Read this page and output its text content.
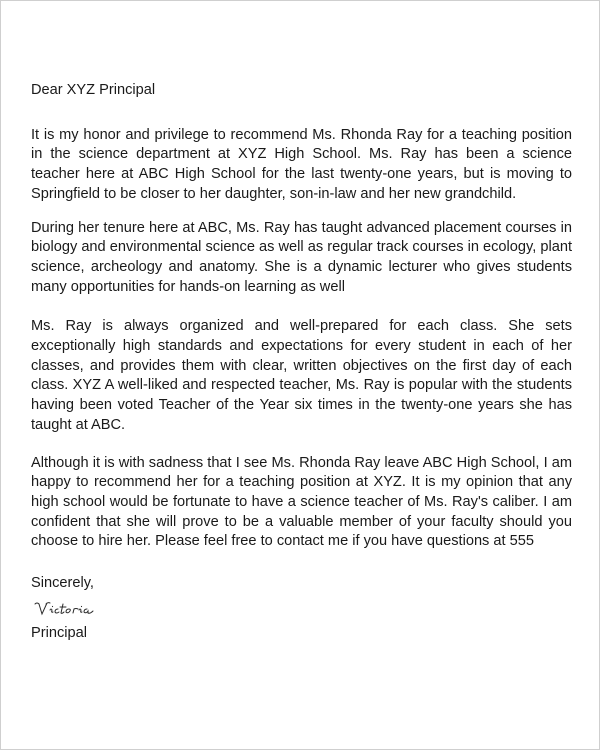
Dear XYZ Principal

It is my honor and privilege to recommend Ms. Rhonda Ray for a teaching position in the science department at XYZ High School. Ms. Ray has been a science teacher here at ABC High School for the last twenty-one years, but is moving to Springfield to be closer to her daughter, son-in-law and her new grandchild.

During her tenure here at ABC, Ms. Ray has taught advanced placement courses in biology and environmental science as well as regular track courses in ecology, plant science, archeology and anatomy. She is a dynamic lecturer who gives students many opportunities for hands-on learning as well

Ms. Ray is always organized and well-prepared for each class. She sets exceptionally high standards and expectations for every student in each of her classes, and provides them with clear, written objectives on the first day of each class. XYZ A well-liked and respected teacher, Ms. Ray is popular with the students having been voted Teacher of the Year six times in the twenty-one years she has taught at ABC.

Although it is with sadness that I see Ms. Rhonda Ray leave ABC High School, I am happy to recommend her for a teaching position at XYZ. It is my opinion that any high school would be fortunate to have a science teacher of Ms. Ray's caliber. I am confident that she will prove to be a valuable member of your faculty should you choose to hire her. Please feel free to contact me if you have questions at 555

Sincerely,

Principal
